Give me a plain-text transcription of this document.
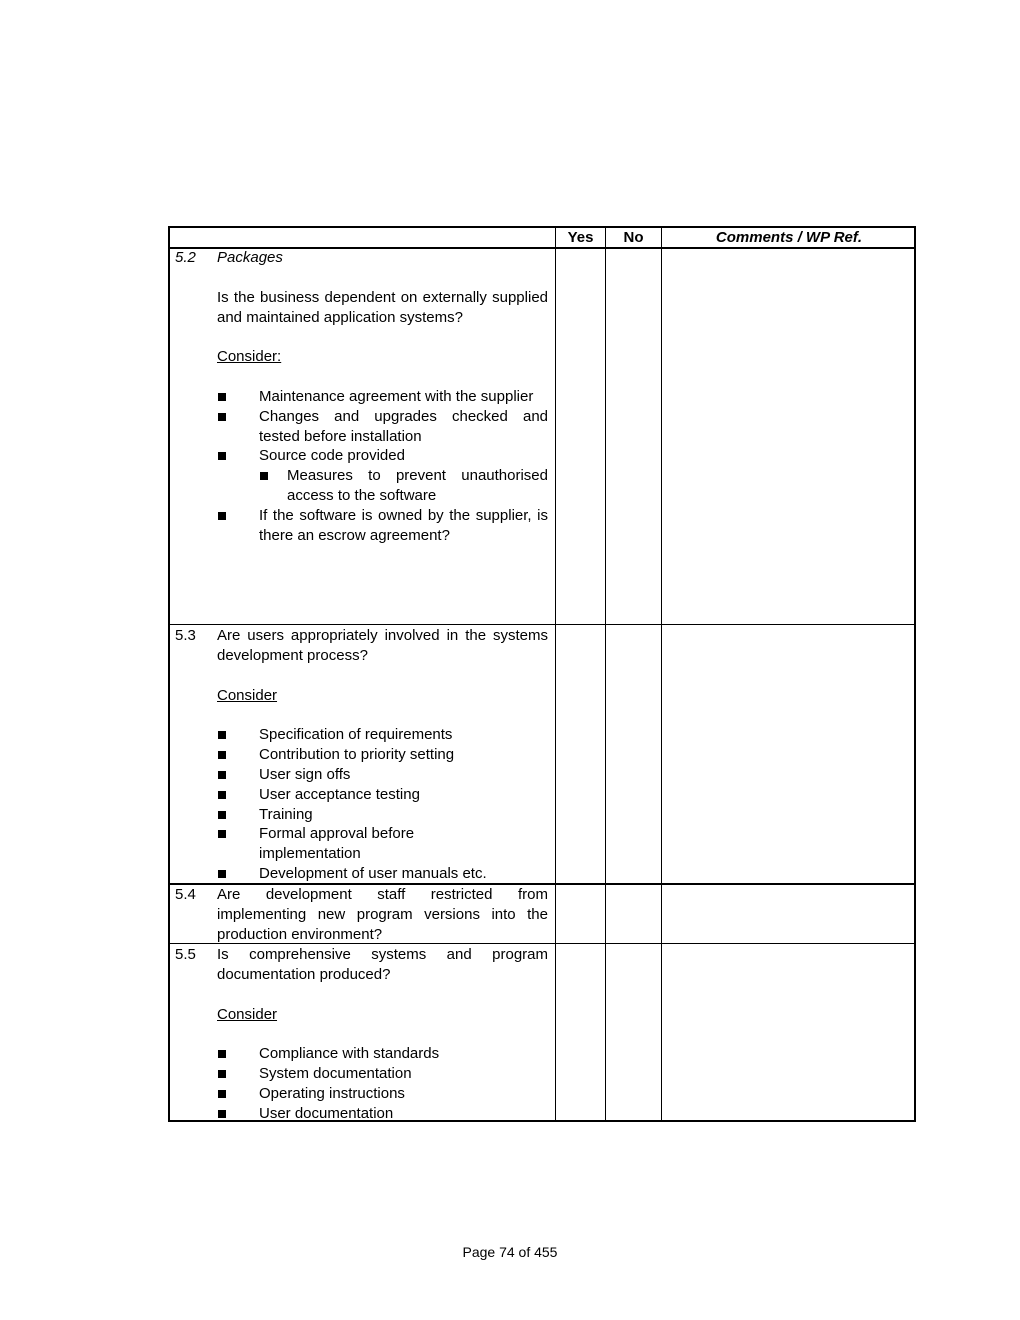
Yes	No	Comments / WP Ref.
5.2 Packages

Is the business dependent on externally supplied and maintained application systems?

Consider:

Maintenance agreement with the supplier
Changes and upgrades checked and tested before installation
Source code provided
Measures to prevent unauthorised access to the software
If the software is owned by the supplier, is there an escrow agreement?
5.3 Are users appropriately involved in the systems development process?

Consider

Specification of requirements
Contribution to priority setting
User sign offs
User acceptance testing
Training
Formal approval before implementation
Development of user manuals etc.
5.4 Are development staff restricted from implementing new program versions into the production environment?

5.5 Is comprehensive systems and program documentation produced?

Consider

Compliance with standards
System documentation
Operating instructions
User documentation
Page 74 of 455
